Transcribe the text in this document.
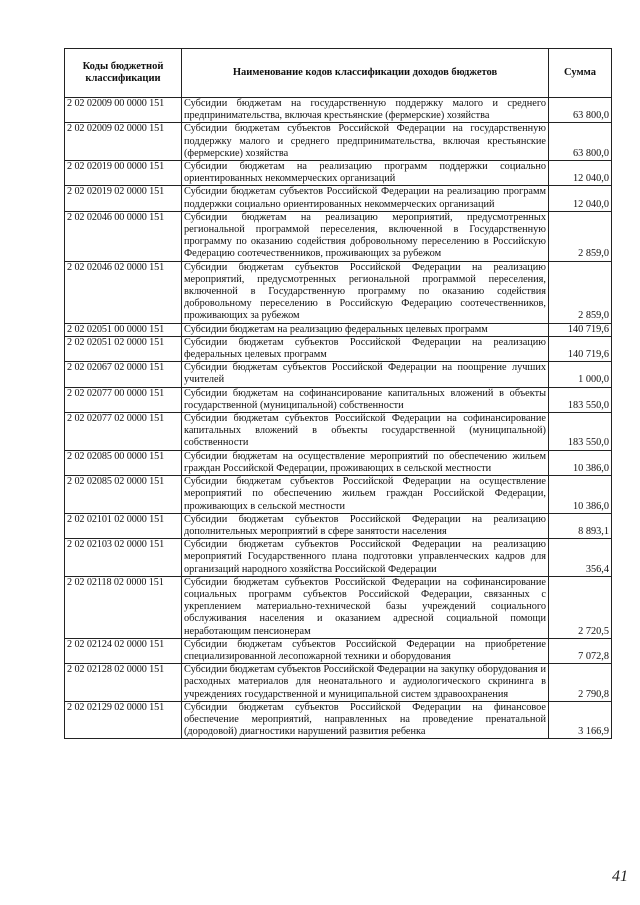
Коды бюджетной классификации	Наименование кодов классификации доходов бюджетов	Сумма
2 02 02009 00 0000 151	Субсидии бюджетам на государственную поддержку малого и среднего предпринимательства, включая крестьянские (фермерские) хозяйства	63 800,0
2 02 02009 02 0000 151	Субсидии бюджетам субъектов Российской Федерации на государственную поддержку малого и среднего предпринимательства, включая крестьянские (фермерские) хозяйства	63 800,0
2 02 02019 00 0000 151	Субсидии бюджетам на реализацию программ поддержки социально ориентированных некоммерческих организаций	12 040,0
2 02 02019 02 0000 151	Субсидии бюджетам субъектов Российской Федерации на реализацию программ поддержки социально ориентированных некоммерческих организаций	12 040,0
2 02 02046 00 0000 151	Субсидии бюджетам на реализацию мероприятий, предусмотренных региональной программой переселения, включенной в Государственную программу по оказанию содействия добровольному переселению в Российскую Федерацию соотечественников, проживающих за рубежом	2 859,0
2 02 02046 02 0000 151	Субсидии бюджетам субъектов Российской Федерации на реализацию мероприятий, предусмотренных региональной программой переселения, включенной в Государственную программу по оказанию содействия добровольному переселению в Российскую Федерацию соотечественников, проживающих за рубежом	2 859,0
2 02 02051 00 0000 151	Субсидии бюджетам на реализацию федеральных целевых программ	140 719,6
2 02 02051 02 0000 151	Субсидии бюджетам субъектов Российской Федерации на реализацию федеральных целевых программ	140 719,6
2 02 02067 02 0000 151	Субсидии бюджетам субъектов Российской Федерации на поощрение лучших учителей	1 000,0
2 02 02077 00 0000 151	Субсидии бюджетам на софинансирование капитальных вложений в объекты государственной (муниципальной) собственности	183 550,0
2 02 02077 02 0000 151	Субсидии бюджетам субъектов Российской Федерации на софинансирование капитальных вложений в объекты государственной (муниципальной) собственности	183 550,0
2 02 02085 00 0000 151	Субсидии бюджетам на осуществление мероприятий по обеспечению жильем граждан Российской Федерации, проживающих в сельской местности	10 386,0
2 02 02085 02 0000 151	Субсидии бюджетам субъектов Российской Федерации на осуществление мероприятий по обеспечению жильем граждан Российской Федерации, проживающих в сельской местности	10 386,0
2 02 02101 02 0000 151	Субсидии бюджетам субъектов Российской Федерации на реализацию дополнительных мероприятий в сфере занятости населения	8 893,1
2 02 02103 02 0000 151	Субсидии бюджетам субъектов Российской Федерации на реализацию мероприятий Государственного плана подготовки управленческих кадров для организаций народного хозяйства Российской Федерации	356,4
2 02 02118 02 0000 151	Субсидии бюджетам субъектов Российской Федерации на софинансирование социальных программ субъектов Российской Федерации, связанных с укреплением материально-технической базы учреждений социального обслуживания населения и оказанием адресной социальной помощи неработающим пенсионерам	2 720,5
2 02 02124 02 0000 151	Субсидии бюджетам субъектов Российской Федерации на приобретение специализированной лесопожарной техники и оборудования	7 072,8
2 02 02128 02 0000 151	Субсидии бюджетам субъектов Российской Федерации на закупку оборудования и расходных материалов для неонатального и аудиологического скрининга в учреждениях государственной и муниципальной систем здравоохранения	2 790,8
2 02 02129 02 0000 151	Субсидии бюджетам субъектов Российской Федерации на финансовое обеспечение мероприятий, направленных на проведение пренатальной (дородовой) диагностики нарушений развития ребенка	3 166,9
41
